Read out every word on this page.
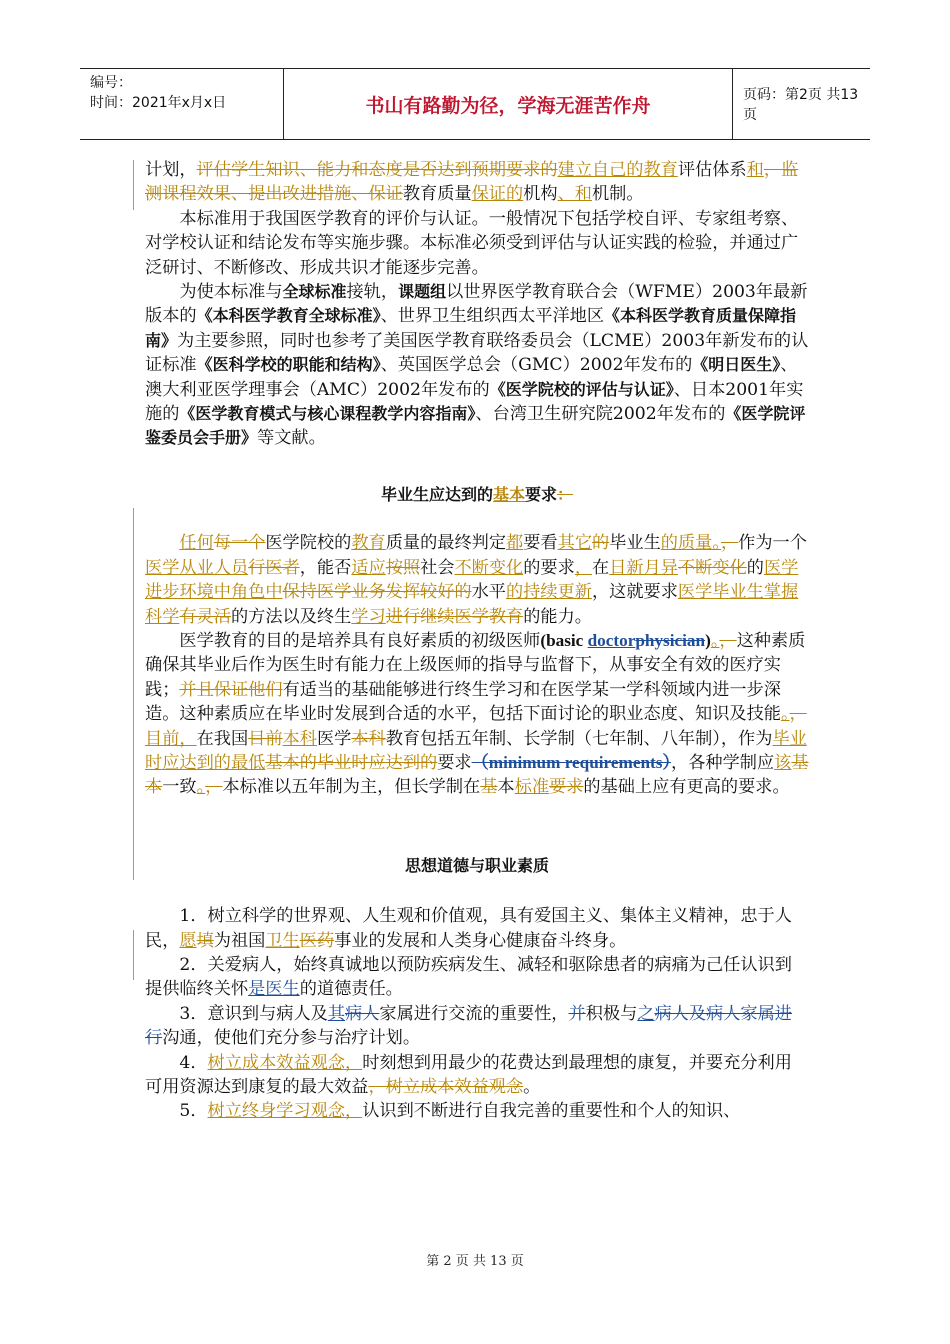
编号：
时间：2021年x月x日	书山有路勤为径，学海无涯苦作舟	页码：第2页 共13页

计划，评估学生知识、能力和态度是否达到预期要求的建立自己的教育评估体系和，监测课程效果、提出改进措施、保证教育质量保证的机构、和机制。

本标准用于我国医学教育的评价与认证。一般情况下包括学校自评、专家组考察、对学校认证和结论发布等实施步骤。本标准必须受到评估与认证实践的检验，并通过广泛研讨、不断修改、形成共识才能逐步完善。

为使本标准与全球标准接轨，课题组以世界医学教育联合会（WFME）2003年最新版本的《本科医学教育全球标准》、世界卫生组织西太平洋地区《本科医学教育质量保障指南》为主要参照，同时也参考了美国医学教育联络委员会（LCME）2003年新发布的认证标准《医科学校的职能和结构》、英国医学总会（GMC）2002年发布的《明日医生》、澳大利亚医学理事会（AMC）2002年发布的《医学院校的评估与认证》、日本2001年实施的《医学教育模式与核心课程教学内容指南》、台湾卫生研究院2002年发布的《医学院评鉴委员会手册》等文献。

毕业生应达到的基本要求：

任何每一个医学院校的教育质量的最终判定都要看其它的毕业生的质量。，作为一个医学从业人员行医者，能否适应按照社会不断变化的要求，在日新月异不断变化的医学进步环境中角色中保持医学业务发挥较好的水平的持续更新，这就要求医学毕业生掌握科学有灵活的方法以及终生学习进行继续医学教育的能力。

医学教育的目的是培养具有良好素质的初级医师(basic doctorphysician)。，这种素质确保其毕业后作为医生时有能力在上级医师的指导与监督下，从事安全有效的医疗实践；并且保证他们有适当的基础能够进行终生学习和在医学某一学科领域内进一步深造。这种素质应在毕业时发展到合适的水平，包括下面讨论的职业态度、知识及技能。，目前，在我国目前本科医学本科教育包括五年制、长学制（七年制、八年制），作为毕业时应达到的最低基本的毕业时应达到的要求（minimum requirements），各种学制应该基本一致。，本标准以五年制为主，但长学制在基本标准要求的基础上应有更高的要求。

思想道德与职业素质

1．树立科学的世界观、人生观和价值观，具有爱国主义、集体主义精神，忠于人民，愿填为祖国卫生医药事业的发展和人类身心健康奋斗终身。

2．关爱病人，始终真诚地以预防疾病发生、减轻和驱除患者的病痛为己任认识到提供临终关怀是医生的道德责任。

3．意识到与病人及其病人家属进行交流的重要性，并积极与之病人及病人家属进行沟通，使他们充分参与治疗计划。

4．树立成本效益观念，时刻想到用最少的花费达到最理想的康复，并要充分利用可用资源达到康复的最大效益，树立成本效益观念。

5．树立终身学习观念，认识到不断进行自我完善的重要性和个人的知识、

第 2 页 共 13 页
